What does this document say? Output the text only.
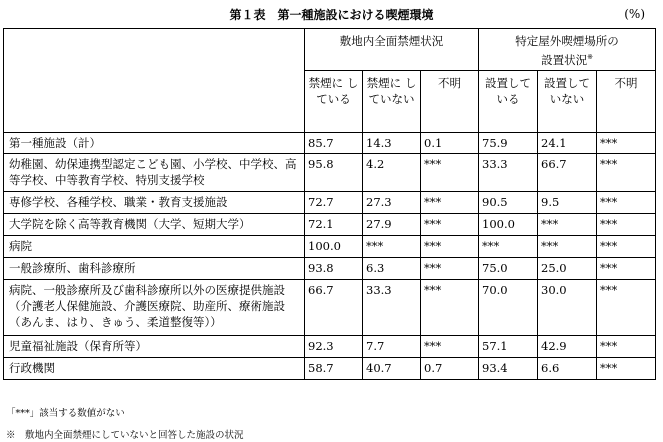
第１表　第一種施設における喫煙環境	(%)
	敷地内全面禁煙状況			特定屋外喫煙場所の
設置状況※
	禁煙に している	禁煙に していない	不明	設置している	設置していない	不明
第一種施設（計）	85.7	14.3	0.1	75.9	24.1	***
幼稚園、幼保連携型認定こども園、小学校、中学校、高等学校、中等教育学校、特別支援学校	95.8	4.2	***	33.3	66.7	***
専修学校、各種学校、職業・教育支援施設	72.7	27.3	***	90.5	9.5	***
大学院を除く高等教育機関（大学、短期大学）	72.1	27.9	***	100.0	***	***
病院	100.0	***	***	***	***	***
一般診療所、歯科診療所	93.8	6.3	***	75.0	25.0	***
病院、一般診療所及び歯科診療所以外の医療提供施設（介護老人保健施設、介護医療院、助産所、療術施設（あんま、はり、きゅう、柔道整復等））	66.7	33.3	***	70.0	30.0	***
児童福祉施設（保育所等）	92.3	7.7	***	57.1	42.9	***
行政機関	58.7	40.7	0.7	93.4	6.6	***
「***」該当する数値がない
※　敷地内全面禁煙にしていないと回答した施設の状況
